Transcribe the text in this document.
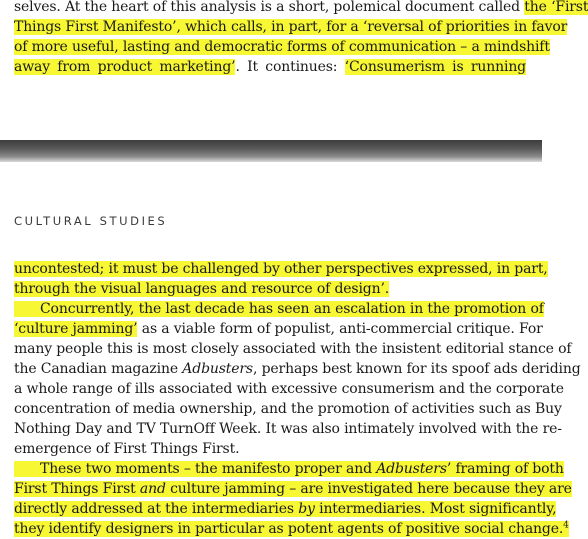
selves. At the heart of this analysis is a short, polemical document called the ‘First
Things First Manifesto’, which calls, in part, for a ‘reversal of priorities in favor
of more useful, lasting and democratic forms of communication – a mindshift
away from product marketing’. It continues: ‘Consumerism is running
CULTURAL STUDIES
uncontested; it must be challenged by other perspectives expressed, in part,
through the visual languages and resource of design’.
Concurrently, the last decade has seen an escalation in the promotion of
‘culture jamming’ as a viable form of populist, anti-commercial critique. For
many people this is most closely associated with the insistent editorial stance of
the Canadian magazine Adbusters, perhaps best known for its spoof ads deriding
a whole range of ills associated with excessive consumerism and the corporate
concentration of media ownership, and the promotion of activities such as Buy
Nothing Day and TV TurnOff Week. It was also intimately involved with the re-
emergence of First Things First.
These two moments – the manifesto proper and Adbusters’ framing of both
First Things First and culture jamming – are investigated here because they are
directly addressed at the intermediaries by intermediaries. Most significantly,
they identify designers in particular as potent agents of positive social change.$^4$
